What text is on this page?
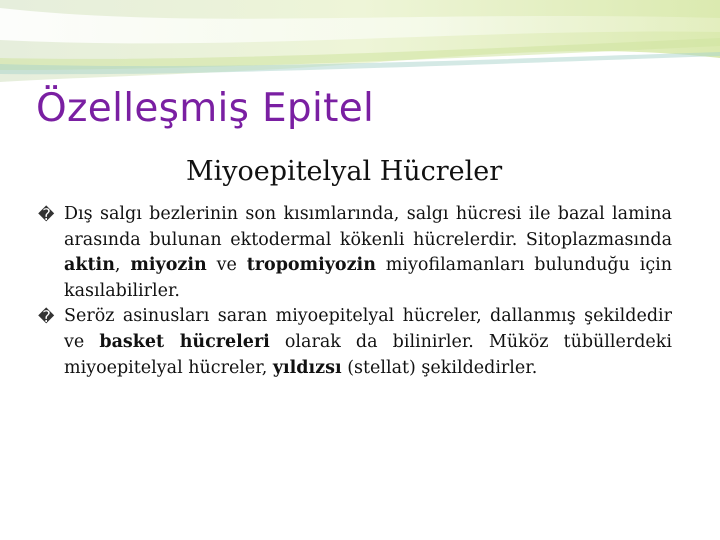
Özelleşmiş Epitel
Miyoepitelyal Hücreler
� Dış salgı bezlerinin son kısımlarında, salgı hücresi ile bazal lamina arasında bulunan ektodermal kökenli hücrelerdir. Sitoplazmasında aktin, miyozin ve tropomiyozin miyofilamanları bulunduğu için kasılabilirler.
� Seröz asinusları saran miyoepitelyal hücreler, dallanmış şekildedir ve basket hücreleri olarak da bilinirler. Müköz tübüllerdeki miyoepitelyal hücreler, yıldızsı (stellat) şekildedirler.
